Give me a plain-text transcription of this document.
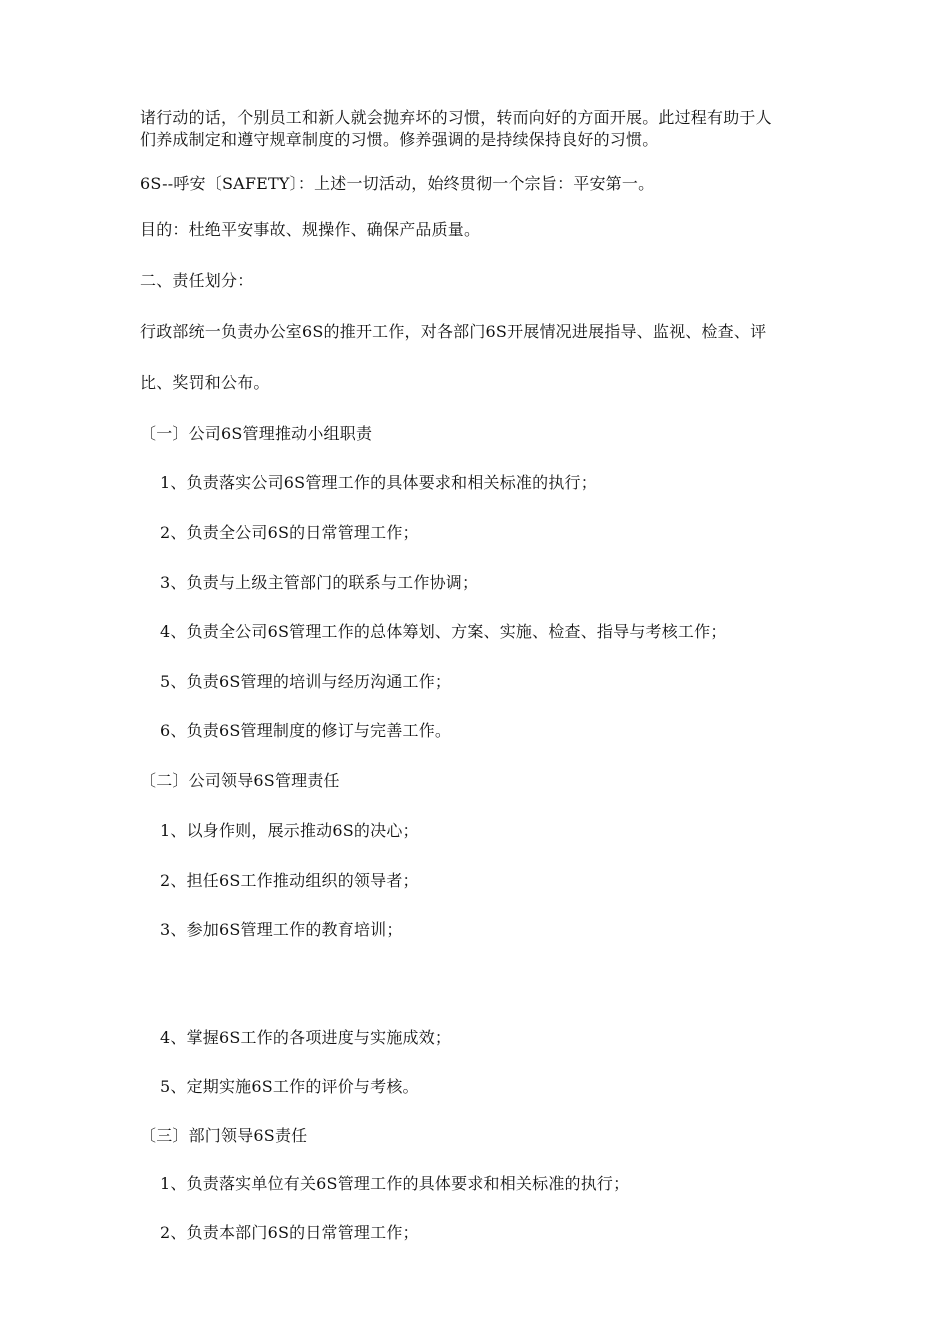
诸行动的话，个别员工和新人就会抛弃坏的习惯，转而向好的方面开展。此过程有助于人
们养成制定和遵守规章制度的习惯。修养强调的是持续保持良好的习惯。
6S--呼安〔SAFETY〕：上述一切活动，始终贯彻一个宗旨：平安第一。
目的：杜绝平安事故、规操作、确保产品质量。
二、责任划分：
行政部统一负责办公室6S的推开工作，对各部门6S开展情况进展指导、监视、检查、评
比、奖罚和公布。
〔一〕公司6S管理推动小组职责
1、负责落实公司6S管理工作的具体要求和相关标准的执行；
2、负责全公司6S的日常管理工作；
3、负责与上级主管部门的联系与工作协调；
4、负责全公司6S管理工作的总体筹划、方案、实施、检查、指导与考核工作；
5、负责6S管理的培训与经历沟通工作；
6、负责6S管理制度的修订与完善工作。
〔二〕公司领导6S管理责任
1、以身作则，展示推动6S的决心；
2、担任6S工作推动组织的领导者；
3、参加6S管理工作的教育培训；
4、掌握6S工作的各项进度与实施成效；
5、定期实施6S工作的评价与考核。
〔三〕部门领导6S责任
1、负责落实单位有关6S管理工作的具体要求和相关标准的执行；
2、负责本部门6S的日常管理工作；
